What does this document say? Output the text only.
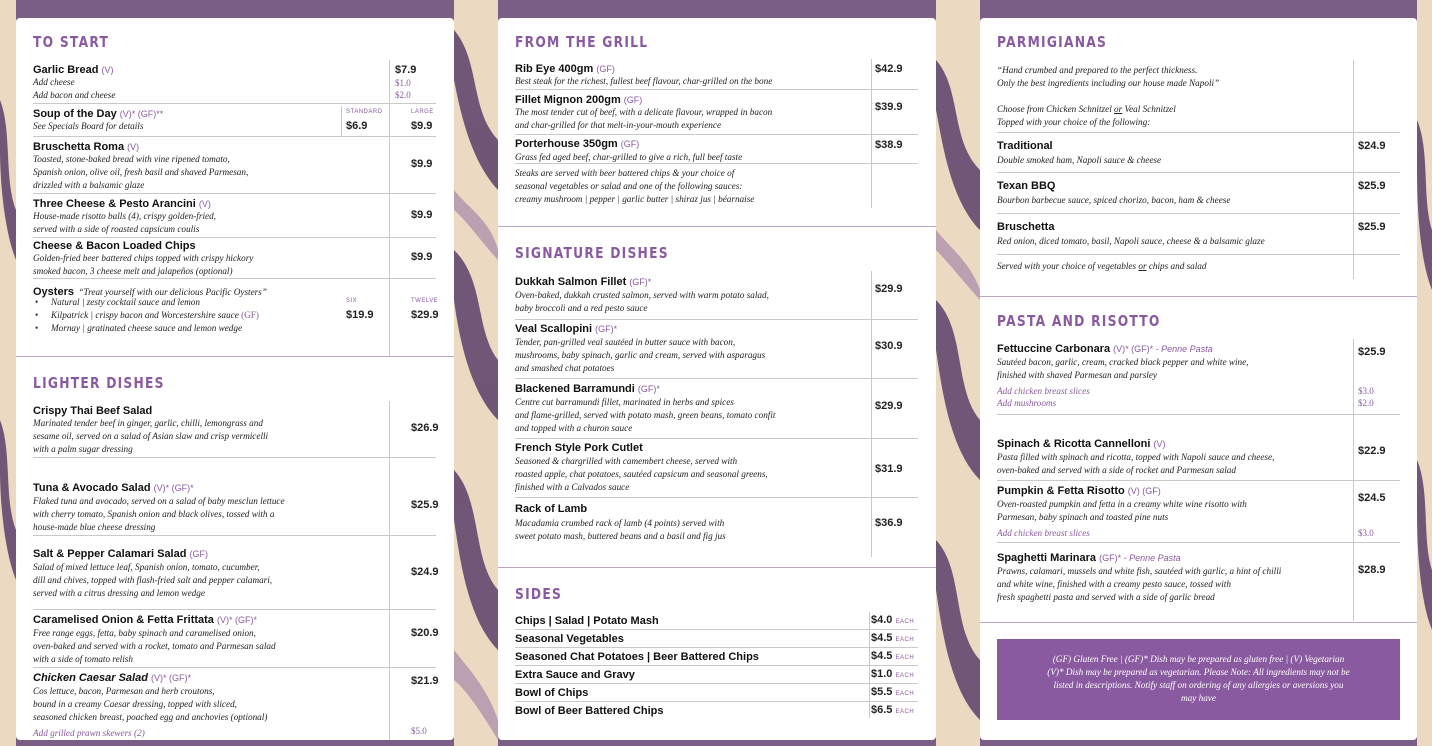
TO START
Garlic Bread (V)
Add cheese
Add bacon and cheese
$7.9
$1.0
$2.0
Soup of the Day (V)* (GF)**
See Specials Board for details
STANDARD	LARGE
$6.9	$9.9
Bruschetta Roma (V)
Toasted, stone-baked bread with vine ripened tomato,
Spanish onion, olive oil, fresh basil and shaved Parmesan,
drizzled with a balsamic glaze
$9.9
Three Cheese & Pesto Arancini (V)
House-made risotto balls (4), crispy golden-fried,
served with a side of roasted capsicum coulis
$9.9
Cheese & Bacon Loaded Chips
Golden-fried beer battered chips topped with crispy hickory
smoked bacon, 3 cheese melt and jalapeños (optional)
$9.9
Oysters “Treat yourself with our delicious Pacific Oysters”
• Natural | zesty cocktail sauce and lemon
• Kilpatrick | crispy bacon and Worcestershire sauce (GF)
• Mornay | gratinated cheese sauce and lemon wedge
SIX	TWELVE
$19.9	$29.9
LIGHTER DISHES
Crispy Thai Beef Salad
Marinated tender beef in ginger, garlic, chilli, lemongrass and
sesame oil, served on a salad of Asian slaw and crisp vermicelli
with a palm sugar dressing
$26.9
Tuna & Avocado Salad (V)* (GF)*
Flaked tuna and avocado, served on a salad of baby mesclun lettuce
with cherry tomato, Spanish onion and black olives, tossed with a
house-made blue cheese dressing
$25.9
Salt & Pepper Calamari Salad (GF)
Salad of mixed lettuce leaf, Spanish onion, tomato, cucumber,
dill and chives, topped with flash-fried salt and pepper calamari,
served with a citrus dressing and lemon wedge
$24.9
Caramelised Onion & Fetta Frittata (V)* (GF)*
Free range eggs, fetta, baby spinach and caramelised onion,
oven-baked and served with a rocket, tomato and Parmesan salad
with a side of tomato relish
$20.9
Chicken Caesar Salad (V)* (GF)*
Cos lettuce, bacon, Parmesan and herb croutons,
bound in a creamy Caesar dressing, topped with sliced,
seasoned chicken breast, poached egg and anchovies (optional)
Add grilled prawn skewers (2)
$21.9
$5.0
FROM THE GRILL
Rib Eye 400gm (GF)
Best steak for the richest, fullest beef flavour, char-grilled on the bone
$42.9
Fillet Mignon 200gm (GF)
The most tender cut of beef, with a delicate flavour, wrapped in bacon
and char-grilled for that melt-in-your-mouth experience
$39.9
Porterhouse 350gm (GF)
Grass fed aged beef, char-grilled to give a rich, full beef taste
$38.9
Steaks are served with beer battered chips & your choice of
seasonal vegetables or salad and one of the following sauces:
creamy mushroom | pepper | garlic butter | shiraz jus | béarnaise
SIGNATURE DISHES
Dukkah Salmon Fillet (GF)*
Oven-baked, dukkah crusted salmon, served with warm potato salad,
baby broccoli and a red pesto sauce
$29.9
Veal Scallopini (GF)*
Tender, pan-grilled veal sautéed in butter sauce with bacon,
mushrooms, baby spinach, garlic and cream, served with asparagus
and smashed chat potatoes
$30.9
Blackened Barramundi (GF)*
Centre cut barramundi fillet, marinated in herbs and spices
and flame-grilled, served with potato mash, green beans, tomato confit
and topped with a churon sauce
$29.9
French Style Pork Cutlet
Seasoned & chargrilled with camembert cheese, served with
roasted apple, chat potatoes, sautéed capsicum and seasonal greens,
finished with a Calvados sauce
$31.9
Rack of Lamb
Macadamia crumbed rack of lamb (4 points) served with
sweet potato mash, buttered beans and a basil and fig jus
$36.9
SIDES
Chips | Salad | Potato Mash	$4.0 EACH
Seasonal Vegetables	$4.5 EACH
Seasoned Chat Potatoes | Beer Battered Chips	$4.5 EACH
Extra Sauce and Gravy	$1.0 EACH
Bowl of Chips	$5.5 EACH
Bowl of Beer Battered Chips	$6.5 EACH
PARMIGIANAS
“Hand crumbed and prepared to the perfect thickness.
Only the best ingredients including our house made Napoli”
Choose from Chicken Schnitzel or Veal Schnitzel
Topped with your choice of the following:
Traditional
Double smoked ham, Napoli sauce & cheese
$24.9
Texan BBQ
Bourbon barbecue sauce, spiced chorizo, bacon, ham & cheese
$25.9
Bruschetta
Red onion, diced tomato, basil, Napoli sauce, cheese & a balsamic glaze
$25.9
Served with your choice of vegetables or chips and salad
PASTA AND RISOTTO
Fettuccine Carbonara (V)* (GF)* - Penne Pasta
Sautéed bacon, garlic, cream, cracked black pepper and white wine,
finished with shaved Parmesan and parsley
Add chicken breast slices
Add mushrooms
$25.9
$3.0
$2.0
Spinach & Ricotta Cannelloni (V)
Pasta filled with spinach and ricotta, topped with Napoli sauce and cheese,
oven-baked and served with a side of rocket and Parmesan salad
$22.9
Pumpkin & Fetta Risotto (V) (GF)
Oven-roasted pumpkin and fetta in a creamy white wine risotto with
Parmesan, baby spinach and toasted pine nuts
Add chicken breast slices
$24.5
$3.0
Spaghetti Marinara (GF)* - Penne Pasta
Prawns, calamari, mussels and white fish, sautéed with garlic, a hint of chilli
and white wine, finished with a creamy pesto sauce, tossed with
fresh spaghetti pasta and served with a side of garlic bread
$28.9
(GF) Gluten Free | (GF)* Dish may be prepared as gluten free | (V) Vegetarian
(V)* Dish may be prepared as vegetarian. Please Note: All ingredients may not be
listed in descriptions. Notify staff on ordering of any allergies or aversions you
may have
